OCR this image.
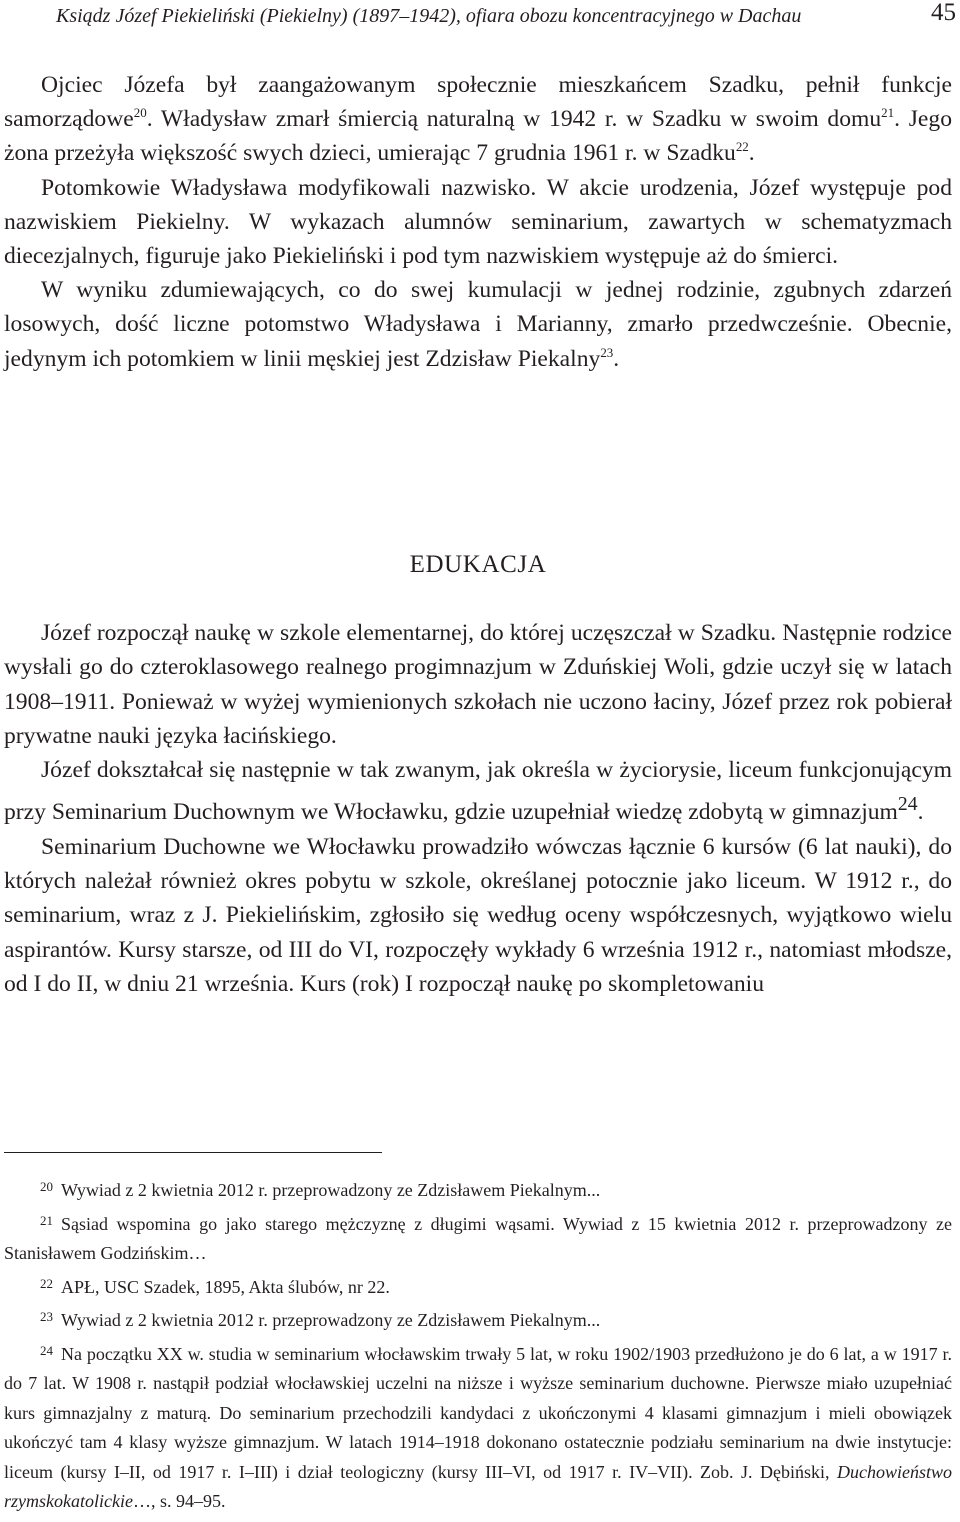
Ksiądz Józef Piekieliński (Piekielny) (1897–1942), ofiara obozu koncentracyjnego w Dachau	45

Ojciec Józefa był zaangażowanym społecznie mieszkańcem Szadku, pełnił funkcje samorządowe$^{20}$. Władysław zmarł śmiercią naturalną w 1942 r. w Szadku w swoim domu$^{21}$. Jego żona przeżyła większość swych dzieci, umierając 7 grudnia 1961 r. w Szadku$^{22}$.

Potomkowie Władysława modyfikowali nazwisko. W akcie urodzenia, Józef występuje pod nazwiskiem Piekielny. W wykazach alumnów seminarium, zawartych w schematyzmach diecezjalnych, figuruje jako Piekieliński i pod tym nazwiskiem występuje aż do śmierci.

W wyniku zdumiewających, co do swej kumulacji w jednej rodzinie, zgubnych zdarzeń losowych, dość liczne potomstwo Władysława i Marianny, zmarło przedwcześnie. Obecnie, jedynym ich potomkiem w linii męskiej jest Zdzisław Piekalny$^{23}$.

EDUKACJA

Józef rozpoczął naukę w szkole elementarnej, do której uczęszczał w Szadku. Następnie rodzice wysłali go do czteroklasowego realnego progimnazjum w Zduńskiej Woli, gdzie uczył się w latach 1908–1911. Ponieważ w wyżej wymienionych szkołach nie uczono łaciny, Józef przez rok pobierał prywatne nauki języka łacińskiego.

Józef dokształcał się następnie w tak zwanym, jak określa w życiorysie, liceum funkcjonującym przy Seminarium Duchownym we Włocławku, gdzie uzupełniał wiedzę zdobytą w gimnazjum$^{24}$.

Seminarium Duchowne we Włocławku prowadziło wówczas łącznie 6 kursów (6 lat nauki), do których należał również okres pobytu w szkole, określanej potocznie jako liceum. W 1912 r., do seminarium, wraz z J. Piekielińskim, zgłosiło się według oceny współczesnych, wyjątkowo wielu aspirantów. Kursy starsze, od III do VI, rozpoczęły wykłady 6 września 1912 r., natomiast młodsze, od I do II, w dniu 21 września. Kurs (rok) I rozpoczął naukę po skompletowaniu

$^{20}$ Wywiad z 2 kwietnia 2012 r. przeprowadzony ze Zdzisławem Piekalnym...

$^{21}$ Sąsiad wspomina go jako starego mężczyznę z długimi wąsami. Wywiad z 15 kwietnia 2012 r. przeprowadzony ze Stanisławem Godzińskim…

$^{22}$ APŁ, USC Szadek, 1895, Akta ślubów, nr 22.

$^{23}$ Wywiad z 2 kwietnia 2012 r. przeprowadzony ze Zdzisławem Piekalnym...

$^{24}$ Na początku XX w. studia w seminarium włocławskim trwały 5 lat, w roku 1902/1903 przedłużono je do 6 lat, a w 1917 r. do 7 lat. W 1908 r. nastąpił podział włocławskiej uczelni na niższe i wyższe seminarium duchowne. Pierwsze miało uzupełniać kurs gimnazjalny z maturą. Do seminarium przechodzili kandydaci z ukończonymi 4 klasami gimnazjum i mieli obowiązek ukończyć tam 4 klasy wyższe gimnazjum. W latach 1914–1918 dokonano ostatecznie podziału seminarium na dwie instytucje: liceum (kursy I–II, od 1917 r. I–III) i dział teologiczny (kursy III–VI, od 1917 r. IV–VII). Zob. J. Dębiński, Duchowieństwo rzymskokatolickie…, s. 94–95.
